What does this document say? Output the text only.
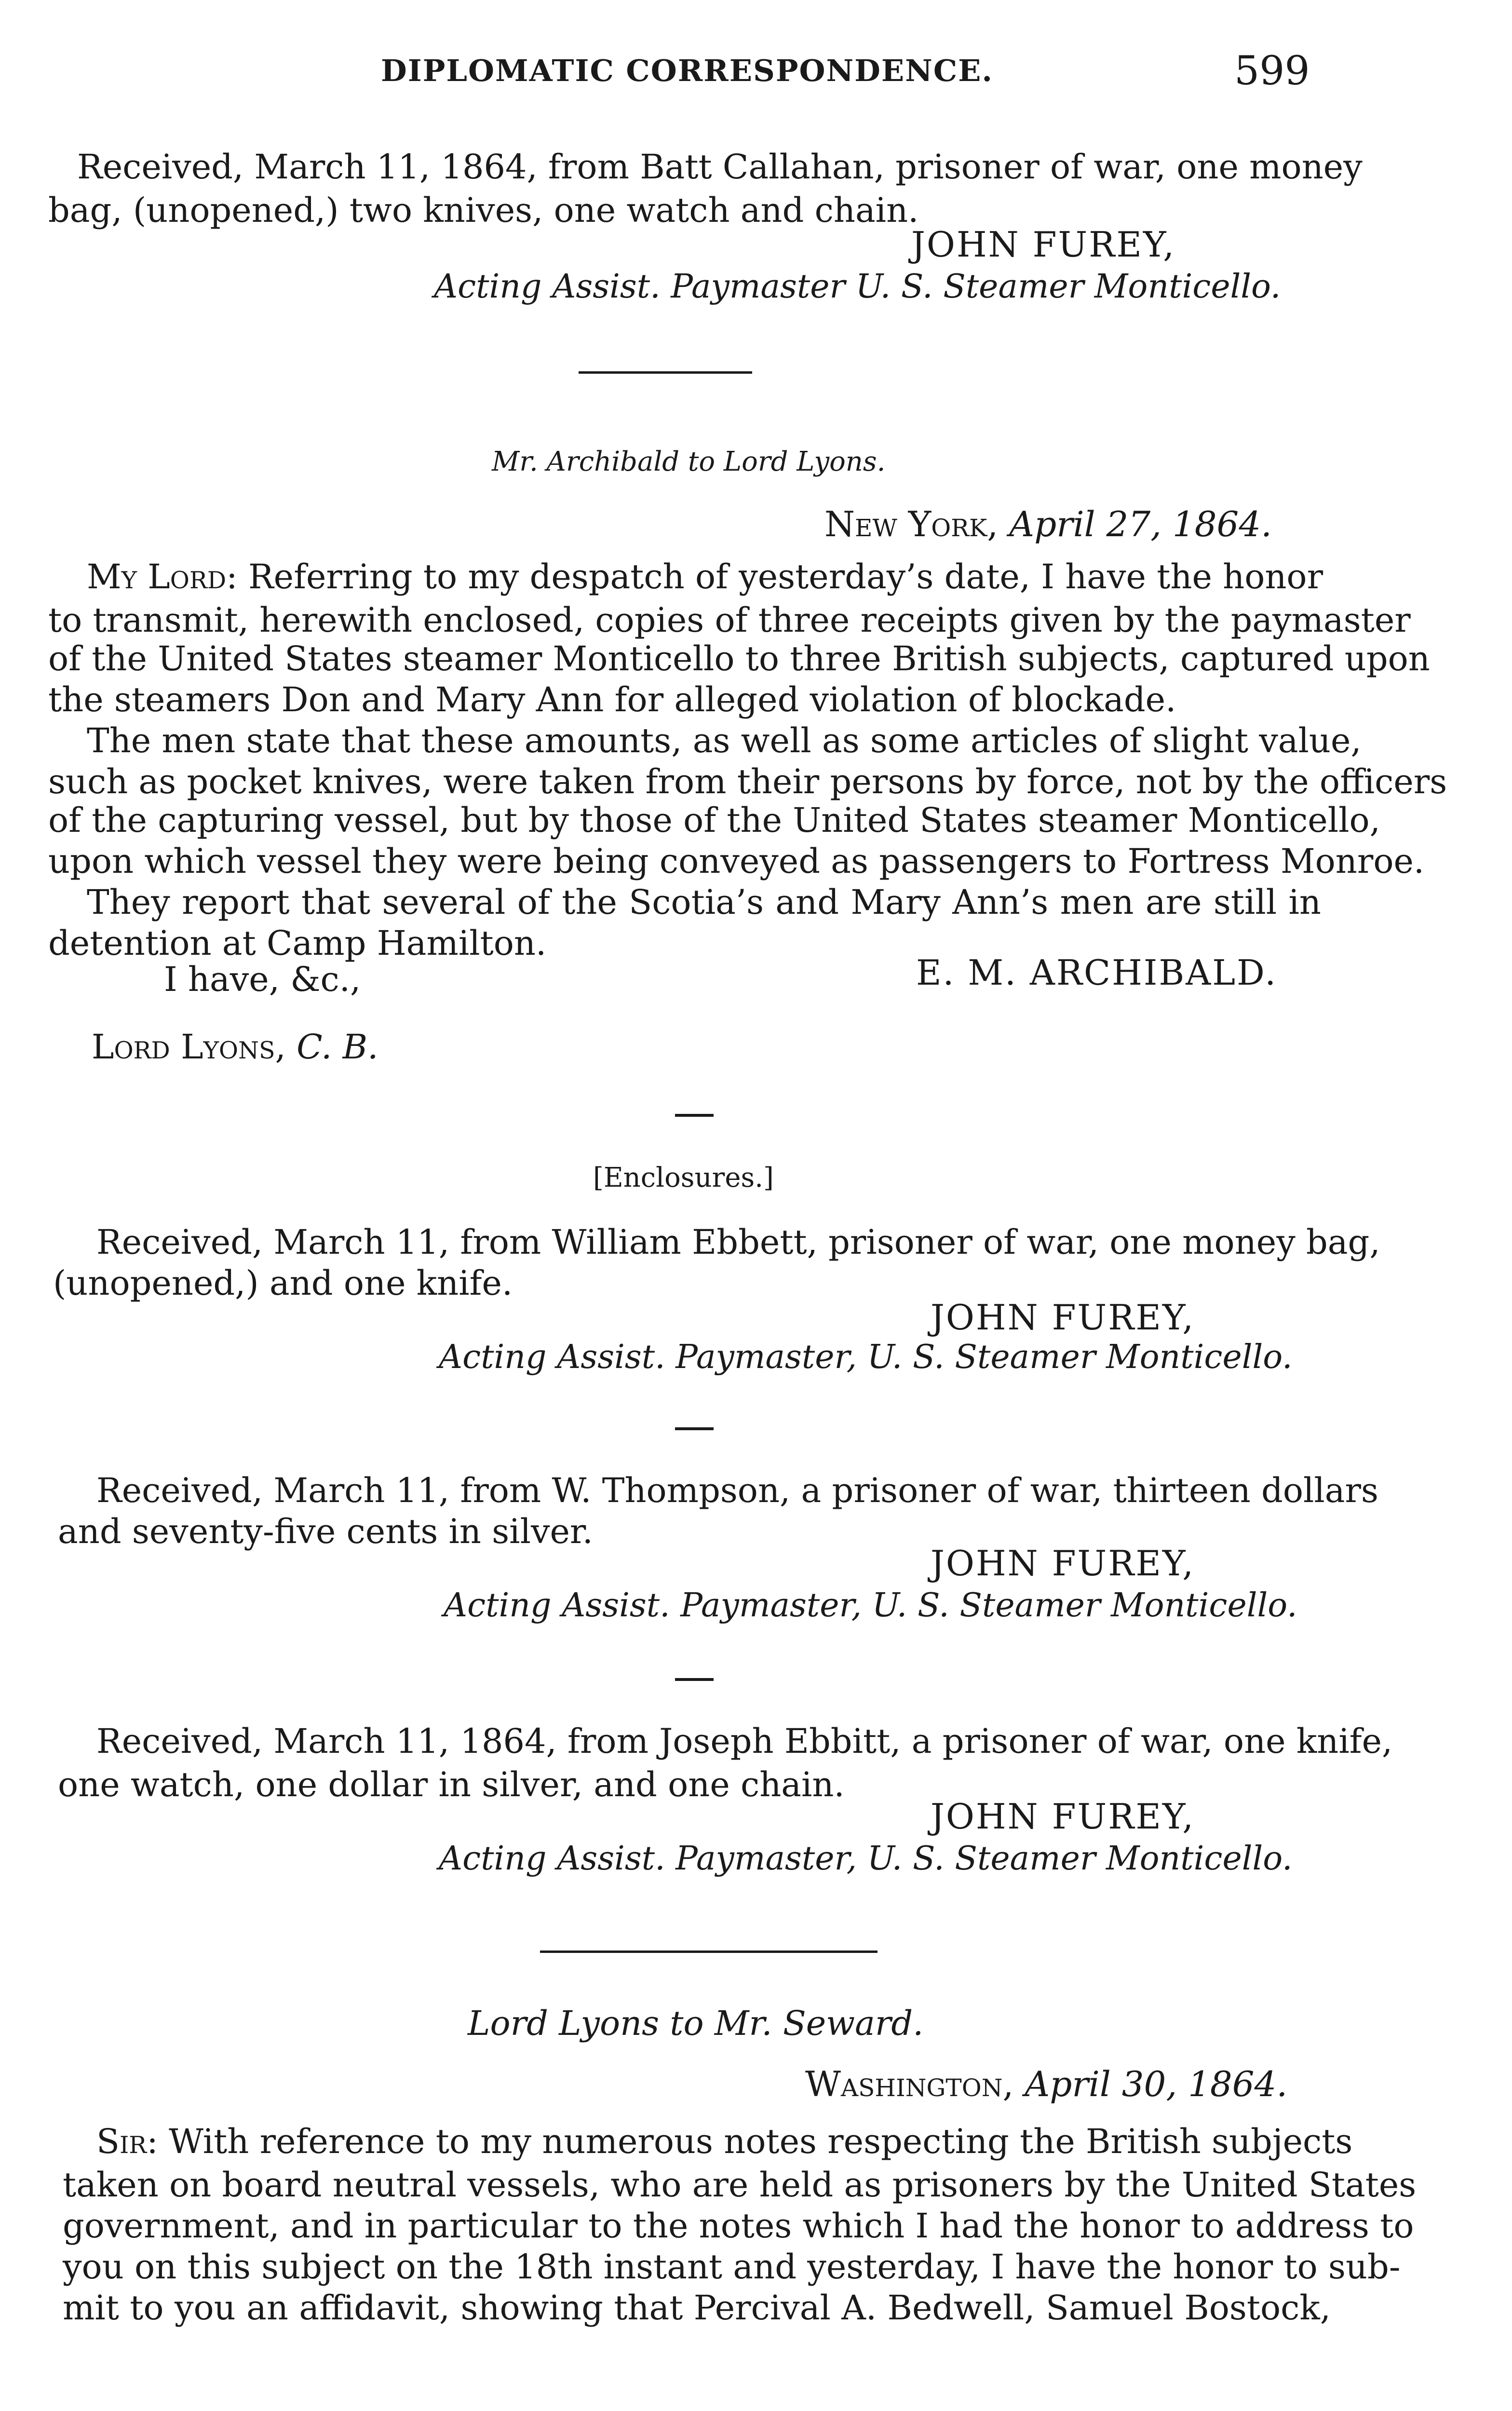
DIPLOMATIC CORRESPONDENCE.	599
Received, March 11, 1864, from Batt Callahan, prisoner of war, one money
bag, (unopened,) two knives, one watch and chain.
JOHN FUREY,
Acting Assist. Paymaster U. S. Steamer Monticello.
Mr. Archibald to Lord Lyons.
New York, April 27, 1864.
My Lord: Referring to my despatch of yesterday’s date, I have the honor
to transmit, herewith enclosed, copies of three receipts given by the paymaster
of the United States steamer Monticello to three British subjects, captured upon
the steamers Don and Mary Ann for alleged violation of blockade.
The men state that these amounts, as well as some articles of slight value,
such as pocket knives, were taken from their persons by force, not by the officers
of the capturing vessel, but by those of the United States steamer Monticello,
upon which vessel they were being conveyed as passengers to Fortress Monroe.
They report that several of the Scotia’s and Mary Ann’s men are still in
detention at Camp Hamilton.
I have, &c.,	E. M. ARCHIBALD.
Lord Lyons, C. B.
[Enclosures.]
Received, March 11, from William Ebbett, prisoner of war, one money bag,
(unopened,) and one knife.
JOHN FUREY,
Acting Assist. Paymaster, U. S. Steamer Monticello.
Received, March 11, from W. Thompson, a prisoner of war, thirteen dollars
and seventy-five cents in silver.
JOHN FUREY,
Acting Assist. Paymaster, U. S. Steamer Monticello.
Received, March 11, 1864, from Joseph Ebbitt, a prisoner of war, one knife,
one watch, one dollar in silver, and one chain.
JOHN FUREY,
Acting Assist. Paymaster, U. S. Steamer Monticello.
Lord Lyons to Mr. Seward.
Washington, April 30, 1864.
Sir: With reference to my numerous notes respecting the British subjects
taken on board neutral vessels, who are held as prisoners by the United States
government, and in particular to the notes which I had the honor to address to
you on this subject on the 18th instant and yesterday, I have the honor to sub-
mit to you an affidavit, showing that Percival A. Bedwell, Samuel Bostock,
